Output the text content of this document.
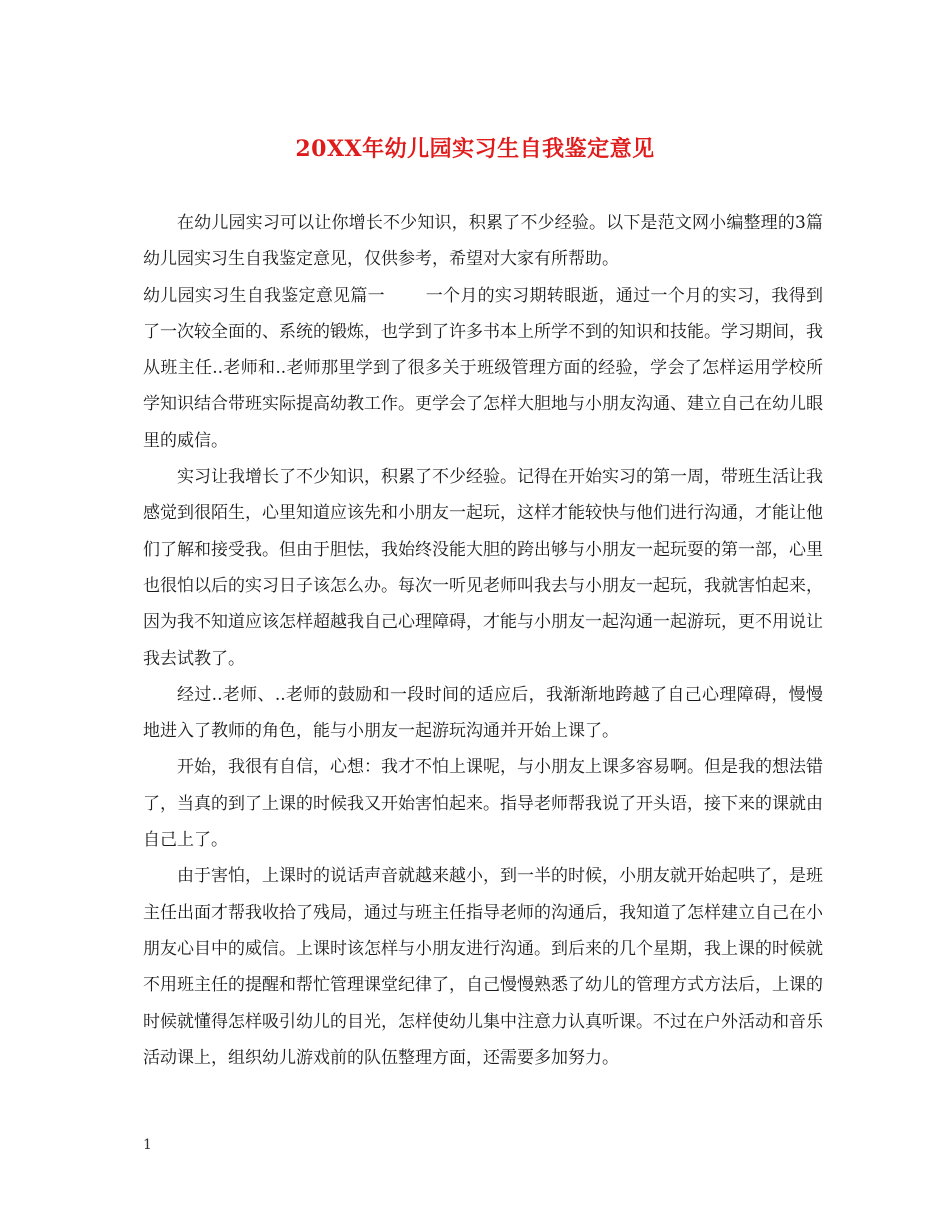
20XX年幼儿园实习生自我鉴定意见

在幼儿园实习可以让你增长不少知识，积累了不少经验。以下是范文网小编整理的3篇幼儿园实习生自我鉴定意见，仅供参考，希望对大家有所帮助。

幼儿园实习生自我鉴定意见篇一 一个月的实习期转眼逝，通过一个月的实习，我得到了一次较全面的、系统的锻炼，也学到了许多书本上所学不到的知识和技能。学习期间，我从班主任..老师和..老师那里学到了很多关于班级管理方面的经验，学会了怎样运用学校所学知识结合带班实际提高幼教工作。更学会了怎样大胆地与小朋友沟通、建立自己在幼儿眼里的威信。

实习让我增长了不少知识，积累了不少经验。记得在开始实习的第一周，带班生活让我感觉到很陌生，心里知道应该先和小朋友一起玩，这样才能较快与他们进行沟通，才能让他们了解和接受我。但由于胆怯，我始终没能大胆的跨出够与小朋友一起玩耍的第一部，心里也很怕以后的实习日子该怎么办。每次一听见老师叫我去与小朋友一起玩，我就害怕起来，因为我不知道应该怎样超越我自己心理障碍，才能与小朋友一起沟通一起游玩，更不用说让我去试教了。

经过..老师、..老师的鼓励和一段时间的适应后，我渐渐地跨越了自己心理障碍，慢慢地进入了教师的角色，能与小朋友一起游玩沟通并开始上课了。

开始，我很有自信，心想：我才不怕上课呢，与小朋友上课多容易啊。但是我的想法错了，当真的到了上课的时候我又开始害怕起来。指导老师帮我说了开头语，接下来的课就由自己上了。

由于害怕，上课时的说话声音就越来越小，到一半的时候，小朋友就开始起哄了，是班主任出面才帮我收拾了残局，通过与班主任指导老师的沟通后，我知道了怎样建立自己在小朋友心目中的威信。上课时该怎样与小朋友进行沟通。到后来的几个星期，我上课的时候就不用班主任的提醒和帮忙管理课堂纪律了，自己慢慢熟悉了幼儿的管理方式方法后，上课的时候就懂得怎样吸引幼儿的目光，怎样使幼儿集中注意力认真听课。不过在户外活动和音乐活动课上，组织幼儿游戏前的队伍整理方面，还需要多加努力。

1
